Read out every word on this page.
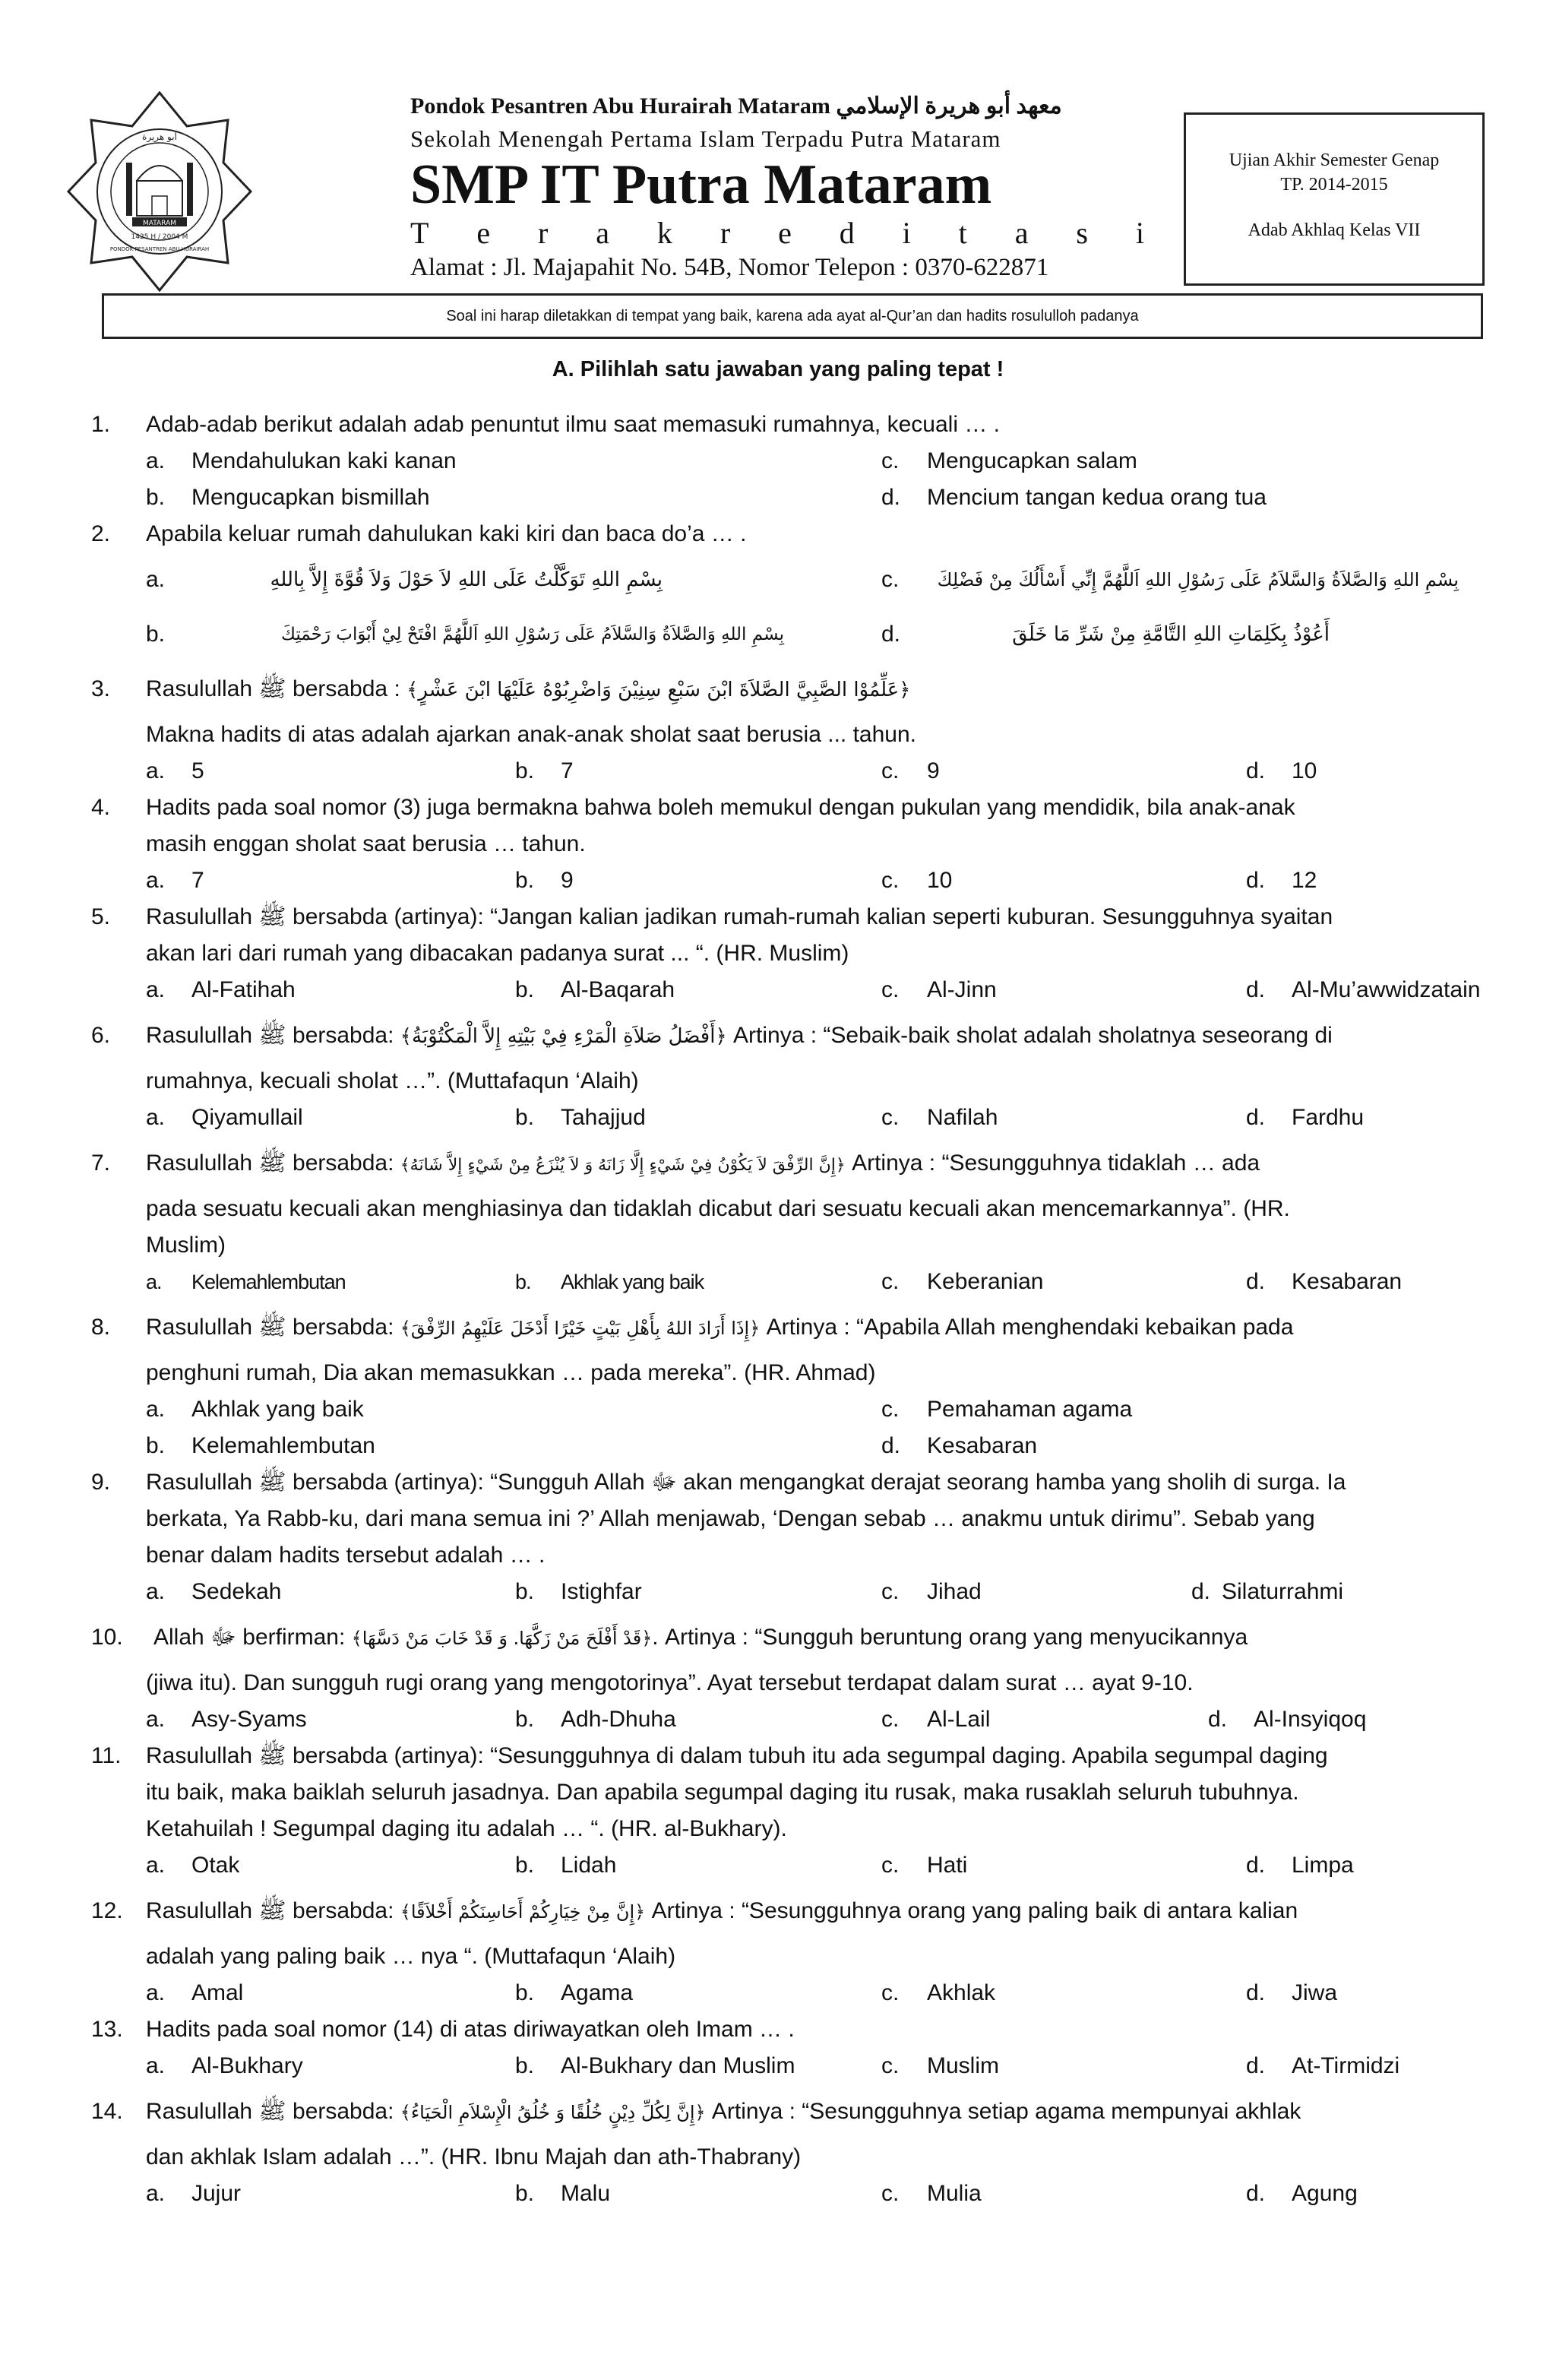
MATARAM
أبو هريرة
1425 H / 2004 M
PONDOK PESANTREN ABU HURAIRAH
Pondok Pesantren Abu Hurairah Mataram معهد أبو هريرة الإسلامي
Sekolah Menengah Pertama Islam Terpadu Putra Mataram
SMP IT Putra Mataram
T e r a k r e d i t a s i
Alamat : Jl. Majapahit No. 54B, Nomor Telepon : 0370-622871
Ujian Akhir Semester Genap
TP. 2014-2015
Adab Akhlaq Kelas VII
Soal ini harap diletakkan di tempat yang baik, karena ada ayat al-Qur’an dan hadits rosululloh padanya
A. Pilihlah satu jawaban yang paling tepat !
1. Adab-adab berikut adalah adab penuntut ilmu saat memasuki rumahnya, kecuali … .
a. Mendahulukan kaki kanan	c. Mengucapkan salam
b. Mengucapkan bismillah	d. Mencium tangan kedua orang tua
2. Apabila keluar rumah dahulukan kaki kiri dan baca do’a … .
a.	بِسْمِ اللهِ تَوَكَّلْتُ عَلَى اللهِ لاَ حَوْلَ وَلاَ قُوَّةَ إِلاَّ بِاللهِ	c.	بِسْمِ اللهِ وَالصَّلاَةُ وَالسَّلاَمُ عَلَى رَسُوْلِ اللهِ اَللَّهُمَّ إِنِّي أَسْأَلُكَ مِنْ فَضْلِكَ
b.	بِسْمِ اللهِ وَالصَّلاَةُ وَالسَّلاَمُ عَلَى رَسُوْلِ اللهِ اَللَّهُمَّ افْتَحْ لِيْ أَبْوَابَ رَحْمَتِكَ	d.	أَعُوْذُ بِكَلِمَاتِ اللهِ التَّامَّةِ مِنْ شَرِّ مَا خَلَقَ
3. Rasulullah ﷺ bersabda : ﴿عَلِّمُوْا الصَّبِيَّ الصَّلاَةَ ابْنَ سَبْعِ سِنِيْنَ وَاضْرِبُوْهُ عَلَيْهَا ابْنَ عَشْرٍ﴾
Makna hadits di atas adalah ajarkan anak-anak sholat saat berusia ... tahun.
a. 5	b. 7	c. 9	d. 10
4. Hadits pada soal nomor (3) juga bermakna bahwa boleh memukul dengan pukulan yang mendidik, bila anak-anak
masih enggan sholat saat berusia … tahun.
a. 7	b. 9	c. 10	d. 12
5. Rasulullah ﷺ bersabda (artinya): “Jangan kalian jadikan rumah-rumah kalian seperti kuburan. Sesungguhnya syaitan
akan lari dari rumah yang dibacakan padanya surat ... “. (HR. Muslim)
a. Al-Fatihah	b. Al-Baqarah	c. Al-Jinn	d. Al-Mu’awwidzatain
6. Rasulullah ﷺ bersabda: ﴿أَفْضَلُ صَلاَةِ الْمَرْءِ فِيْ بَيْتِهِ إِلاَّ الْمَكْتُوْبَةُ﴾ Artinya : “Sebaik-baik sholat adalah sholatnya seseorang di
rumahnya, kecuali sholat …”. (Muttafaqun ‘Alaih)
a. Qiyamullail	b. Tahajjud	c. Nafilah	d. Fardhu
7. Rasulullah ﷺ bersabda: ﴿إِنَّ الرِّفْقَ لاَ يَكُوْنُ فِيْ شَيْءٍ إِلَّا زَانَهُ وَ لاَ يُنْزَعُ مِنْ شَيْءٍ إِلاَّ شَانَهُ﴾ Artinya : “Sesungguhnya tidaklah … ada
pada sesuatu kecuali akan menghiasinya dan tidaklah dicabut dari sesuatu kecuali akan mencemarkannya”. (HR.
Muslim)
a. Kelemahlembutan	b. Akhlak yang baik	c. Keberanian	d. Kesabaran
8. Rasulullah ﷺ bersabda: ﴿إِذَا أَرَادَ اللهُ بِأَهْلِ بَيْتٍ خَيْرًا أَدْخَلَ عَلَيْهِمُ الرِّفْقَ﴾ Artinya : “Apabila Allah menghendaki kebaikan pada
penghuni rumah, Dia akan memasukkan … pada mereka”. (HR. Ahmad)
a. Akhlak yang baik	c. Pemahaman agama
b. Kelemahlembutan	d. Kesabaran
9. Rasulullah ﷺ bersabda (artinya): “Sungguh Allah ﷻ akan mengangkat derajat seorang hamba yang sholih di surga. Ia
berkata, Ya Rabb-ku, dari mana semua ini ?’ Allah menjawab, ‘Dengan sebab … anakmu untuk dirimu”. Sebab yang
benar dalam hadits tersebut adalah … .
a. Sedekah	b. Istighfar	c. Jihad	d. Silaturrahmi
10. Allah ﷻ berfirman: ﴿قَدْ أَفْلَحَ مَنْ زَكَّهَا. وَ قَدْ خَابَ مَنْ دَسَّهَا﴾. Artinya : “Sungguh beruntung orang yang menyucikannya
(jiwa itu). Dan sungguh rugi orang yang mengotorinya”. Ayat tersebut terdapat dalam surat … ayat 9-10.
a. Asy-Syams	b. Adh-Dhuha	c. Al-Lail	d. Al-Insyiqoq
11. Rasulullah ﷺ bersabda (artinya): “Sesungguhnya di dalam tubuh itu ada segumpal daging. Apabila segumpal daging
itu baik, maka baiklah seluruh jasadnya. Dan apabila segumpal daging itu rusak, maka rusaklah seluruh tubuhnya.
Ketahuilah ! Segumpal daging itu adalah … “. (HR. al-Bukhary).
a. Otak	b. Lidah	c. Hati	d. Limpa
12. Rasulullah ﷺ bersabda: ﴿إِنَّ مِنْ خِيَارِكُمْ أَحَاسِنَكُمْ أَخْلاَقًا﴾ Artinya : “Sesungguhnya orang yang paling baik di antara kalian
adalah yang paling baik … nya “. (Muttafaqun ‘Alaih)
a. Amal	b. Agama	c. Akhlak	d. Jiwa
13. Hadits pada soal nomor (14) di atas diriwayatkan oleh Imam … .
a. Al-Bukhary	b. Al-Bukhary dan Muslim	c. Muslim	d. At-Tirmidzi
14. Rasulullah ﷺ bersabda: ﴿إِنَّ لِكُلِّ دِيْنٍ خُلُقًا وَ خُلُقُ الْإِسْلاَمِ الْحَيَاءُ﴾ Artinya : “Sesungguhnya setiap agama mempunyai akhlak
dan akhlak Islam adalah …”. (HR. Ibnu Majah dan ath-Thabrany)
a. Jujur	b. Malu	c. Mulia	d. Agung
